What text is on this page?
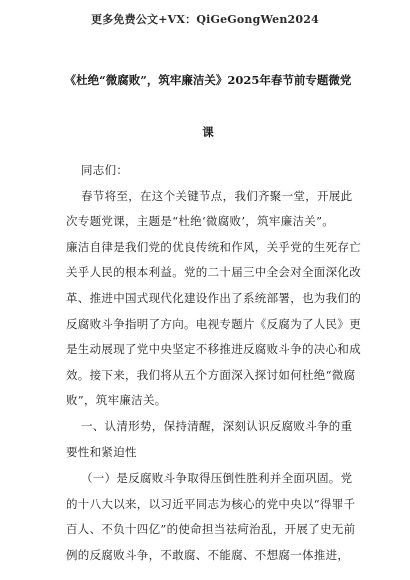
更多免费公文+VX：QiGeGongWen2024
《杜绝“微腐败”，筑牢廉洁关》2025年春节前专题微党
课
同志们：
春节将至，在这个关键节点，我们齐聚一堂，开展此
次专题党课，主题是“杜绝‘微腐败’，筑牢廉洁关”。
廉洁自律是我们党的优良传统和作风，关乎党的生死存亡
关乎人民的根本利益。党的二十届三中全会对全面深化改
革、推进中国式现代化建设作出了系统部署，也为我们的
反腐败斗争指明了方向。电视专题片《反腐为了人民》更
是生动展现了党中央坚定不移推进反腐败斗争的决心和成
效。接下来，我们将从五个方面深入探讨如何杜绝“微腐
败”，筑牢廉洁关。
一、认清形势，保持清醒，深刻认识反腐败斗争的重
要性和紧迫性
（一）是反腐败斗争取得压倒性胜利并全面巩固。党
的十八大以来，以习近平同志为核心的党中央以“得罪千
百人、不负十四亿”的使命担当祛疴治乱，开展了史无前
例的反腐败斗争，不敢腐、不能腐、不想腐一体推进，
